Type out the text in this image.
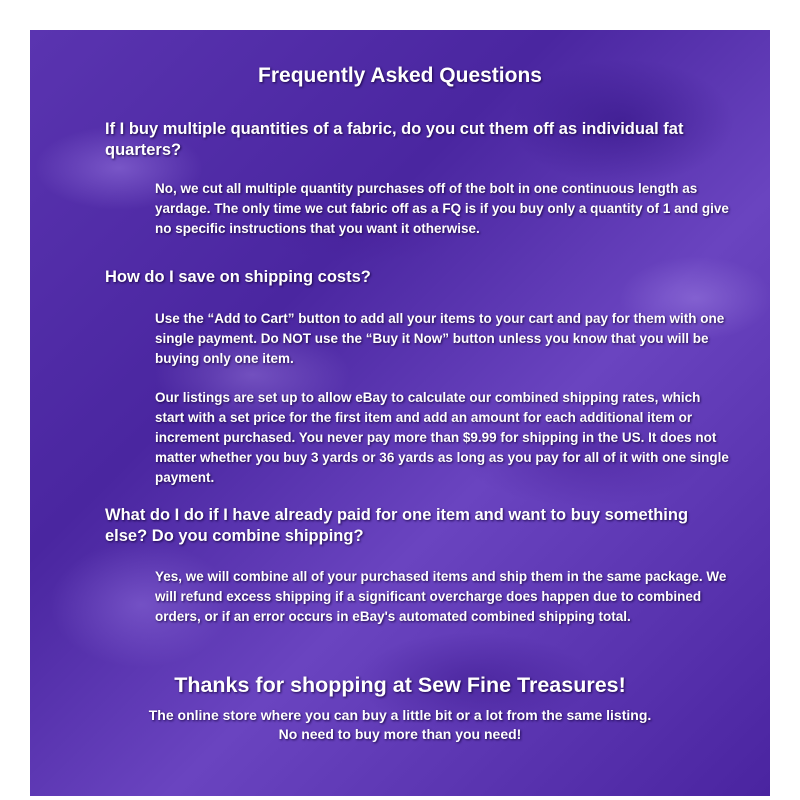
Frequently Asked Questions
If I buy multiple quantities of a fabric, do you cut them off as individual fat quarters?
No, we cut all multiple quantity purchases off of the bolt in one continuous length as yardage. The only time we cut fabric off as a FQ is if you buy only a quantity of 1 and give no specific instructions that you want it otherwise.
How do I save on shipping costs?
Use the “Add to Cart” button to add all your items to your cart and pay for them with one single payment. Do NOT use the “Buy it Now” button unless you know that you will be buying only one item.
Our listings are set up to allow eBay to calculate our combined shipping rates, which start with a set price for the first item and add an amount for each additional item or increment purchased. You never pay more than $9.99 for shipping in the US. It does not matter whether you buy 3 yards or 36 yards as long as you pay for all of it with one single payment.
What do I do if I have already paid for one item and want to buy something else? Do you combine shipping?
Yes, we will combine all of your purchased items and ship them in the same package. We will refund excess shipping if a significant overcharge does happen due to combined orders, or if an error occurs in eBay's automated combined shipping total.
Thanks for shopping at Sew Fine Treasures!
The online store where you can buy a little bit or a lot from the same listing.
No need to buy more than you need!
